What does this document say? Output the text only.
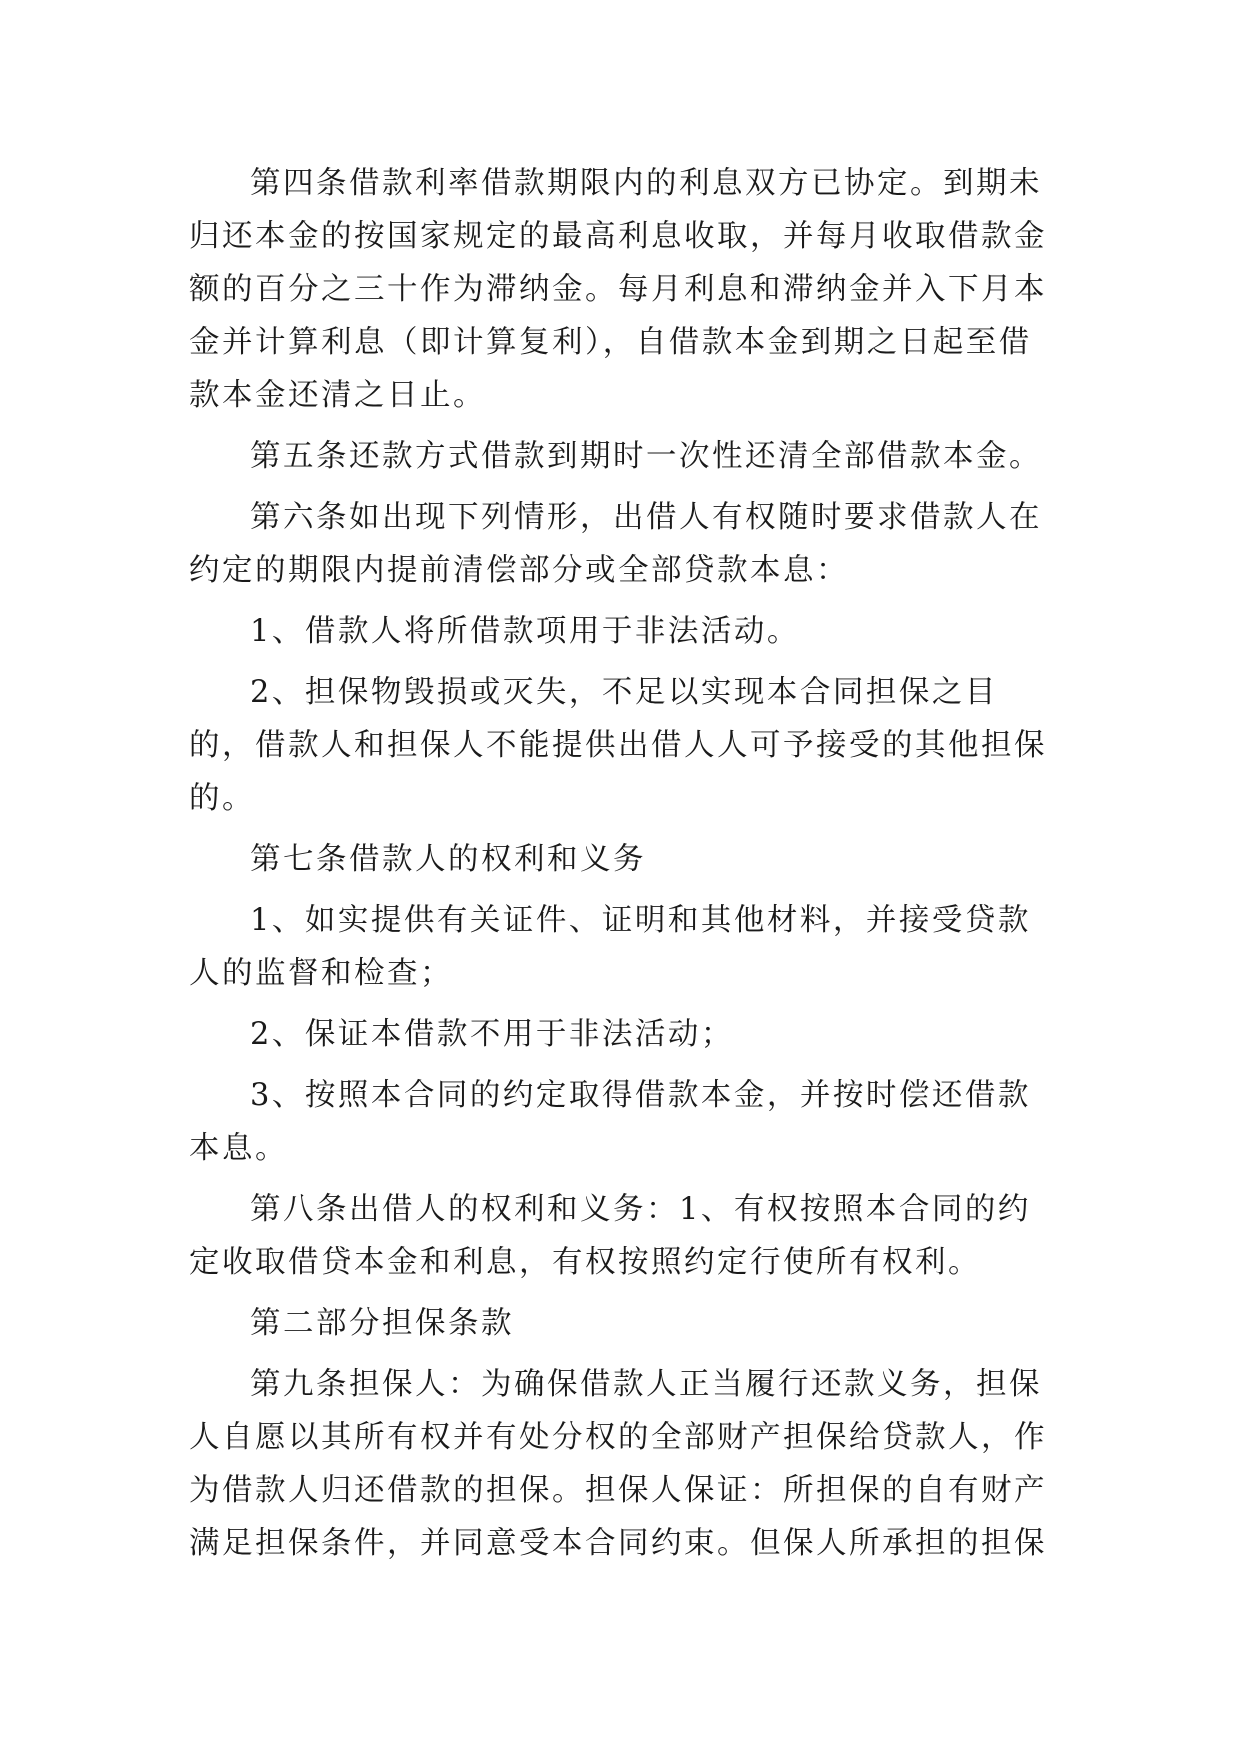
第四条借款利率借款期限内的利息双方已协定。到期未归还本金的按国家规定的最高利息收取，并每月收取借款金额的百分之三十作为滞纳金。每月利息和滞纳金并入下月本金并计算利息（即计算复利），自借款本金到期之日起至借款本金还清之日止。

第五条还款方式借款到期时一次性还清全部借款本金。

第六条如出现下列情形，出借人有权随时要求借款人在约定的期限内提前清偿部分或全部贷款本息：

1、借款人将所借款项用于非法活动。

2、担保物毁损或灭失，不足以实现本合同担保之目的，借款人和担保人不能提供出借人人可予接受的其他担保的。

第七条借款人的权利和义务

1、如实提供有关证件、证明和其他材料，并接受贷款人的监督和检查；

2、保证本借款不用于非法活动；

3、按照本合同的约定取得借款本金，并按时偿还借款本息。

第八条出借人的权利和义务：1、有权按照本合同的约定收取借贷本金和利息，有权按照约定行使所有权利。

第二部分担保条款

第九条担保人：为确保借款人正当履行还款义务，担保人自愿以其所有权并有处分权的全部财产担保给贷款人，作为借款人归还借款的担保。担保人保证：所担保的自有财产满足担保条件，并同意受本合同约束。但保人所承担的担保
